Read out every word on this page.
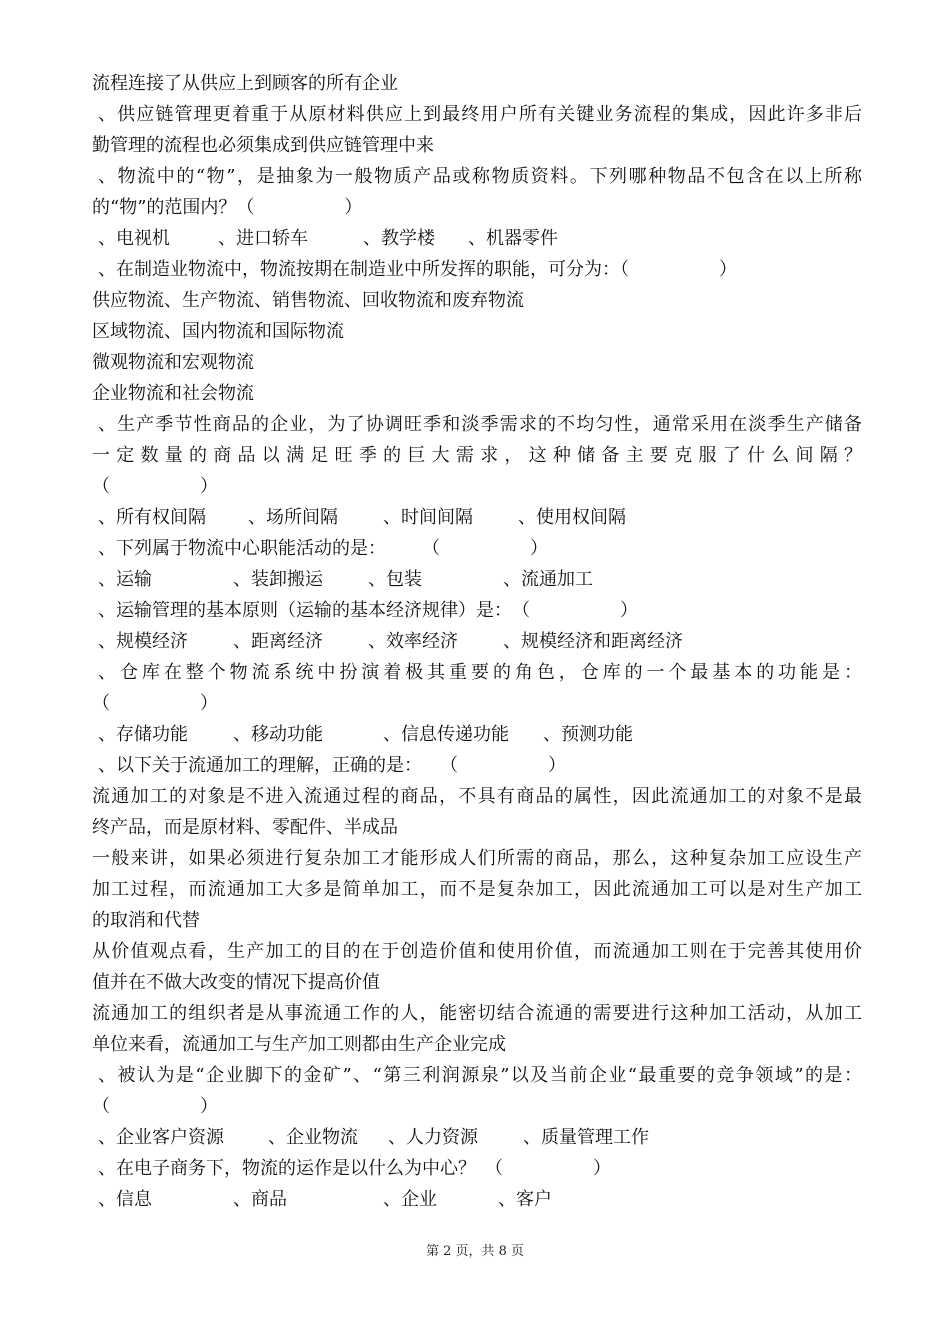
流程连接了从供应上到顾客的所有企业
、供应链管理更着重于从原材料供应上到最终用户所有关键业务流程的集成，因此许多非后
勤管理的流程也必须集成到供应链管理中来
、物流中的“物”，是抽象为一般物质产品或称物质资料。下列哪种物品不包含在以上所称
的“物”的范围内？（　　　　　）
、电视机	、进口轿车	、教学楼	、机器零件
、在制造业物流中，物流按期在制造业中所发挥的职能，可分为：（　　　　　）
供应物流、生产物流、销售物流、回收物流和废弃物流
区域物流、国内物流和国际物流
微观物流和宏观物流
企业物流和社会物流
、生产季节性商品的企业，为了协调旺季和淡季需求的不均匀性，通常采用在淡季生产储备
一定数量的商品以满足旺季的巨大需求，这种储备主要克服了什么间隔？
（　　　　　）
、所有权间隔	、场所间隔	、时间间隔	、使用权间隔
、下列属于物流中心职能活动的是：　　　（　　　　　）
、运输	、装卸搬运	、包装	、流通加工
、运输管理的基本原则（运输的基本经济规律）是：　（　　　　　）
、规模经济	、距离经济	、效率经济	、规模经济和距离经济
、仓库在整个物流系统中扮演着极其重要的角色，仓库的一个最基本的功能是：
（　　　　　）
、存储功能	、移动功能	、信息传递功能	、预测功能
、以下关于流通加工的理解，正确的是：　　（　　　　　）
流通加工的对象是不进入流通过程的商品，不具有商品的属性，因此流通加工的对象不是最
终产品，而是原材料、零配件、半成品
一般来讲，如果必须进行复杂加工才能形成人们所需的商品，那么，这种复杂加工应设生产
加工过程，而流通加工大多是简单加工，而不是复杂加工，因此流通加工可以是对生产加工
的取消和代替
从价值观点看，生产加工的目的在于创造价值和使用价值，而流通加工则在于完善其使用价
值并在不做大改变的情况下提高价值
流通加工的组织者是从事流通工作的人，能密切结合流通的需要进行这种加工活动，从加工
单位来看，流通加工与生产加工则都由生产企业完成
、被认为是“企业脚下的金矿”、“第三利润源泉”以及当前企业“最重要的竞争领域”的是：
（　　　　　）
、企业客户资源	、企业物流	、人力资源	、质量管理工作
、在电子商务下，物流的运作是以什么为中心？　（　　　　　）
、信息	、商品	、企业	、客户
第 2 页，共 8 页
